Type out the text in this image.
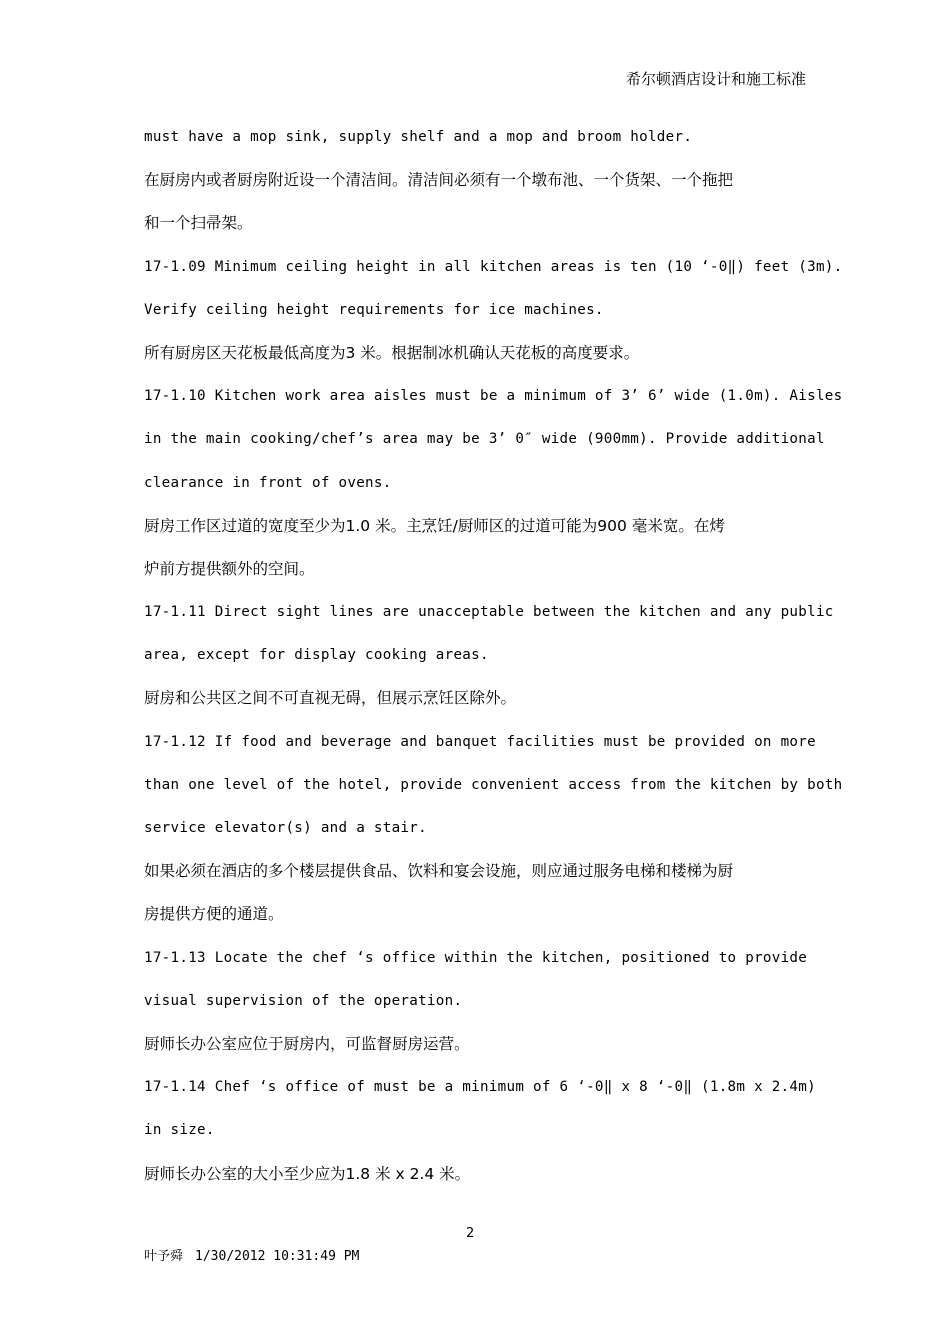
希尔顿酒店设计和施工标准
must have a mop sink, supply shelf and a mop and broom holder.
在厨房内或者厨房附近设一个清洁间。清洁间必须有一个墩布池、一个货架、一个拖把
和一个扫帚架。
17-1.09 Minimum ceiling height in all kitchen areas is ten (10 ‘-0‖) feet (3m).
Verify ceiling height requirements for ice machines.
所有厨房区天花板最低高度为3 米。根据制冰机确认天花板的高度要求。
17-1.10 Kitchen work area aisles must be a minimum of 3’ 6’ wide (1.0m). Aisles
in the main cooking/chef’s area may be 3’ 0″ wide (900mm). Provide additional
clearance in front of ovens.
厨房工作区过道的宽度至少为1.0 米。主烹饪/厨师区的过道可能为900 毫米宽。在烤
炉前方提供额外的空间。
17-1.11 Direct sight lines are unacceptable between the kitchen and any public
area, except for display cooking areas.
厨房和公共区之间不可直视无碍，但展示烹饪区除外。
17-1.12 If food and beverage and banquet facilities must be provided on more
than one level of the hotel, provide convenient access from the kitchen by both
service elevator(s) and a stair.
如果必须在酒店的多个楼层提供食品、饮料和宴会设施，则应通过服务电梯和楼梯为厨
房提供方便的通道。
17-1.13 Locate the chef ‘s office within the kitchen, positioned to provide
visual supervision of the operation.
厨师长办公室应位于厨房内，可监督厨房运营。
17-1.14 Chef ‘s office of must be a minimum of 6 ‘-0‖ x 8 ‘-0‖ (1.8m x 2.4m)
in size.
厨师长办公室的大小至少应为1.8 米 x 2.4 米。
2
叶予舜 1/30/2012 10:31:49 PM
